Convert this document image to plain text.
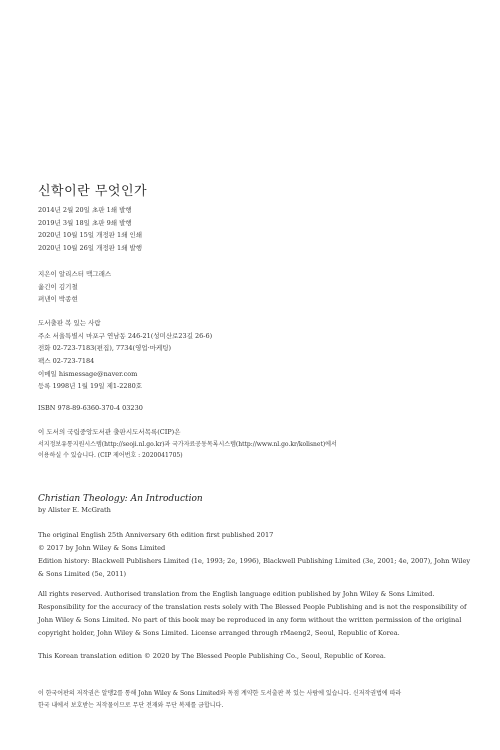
신학이란 무엇인가
2014년 2월 20일 초판 1쇄 발행
2019년 3월 18일 초판 9쇄 발행
2020년 10월 15일 개정판 1쇄 인쇄
2020년 10월 26일 개정판 1쇄 발행
지은이 알리스터 맥그래스
옮긴이 김기철
펴낸이 박종현
도서출판 복 있는 사람
주소 서울특별시 마포구 연남동 246-21(성미산로23길 26-6)
전화 02-723-7183(편집), 7734(영업·마케팅)
팩스 02-723-7184
이메일 hismessage@naver.com
등록 1998년 1월 19일 제1-2280호
ISBN 978-89-6360-370-4 03230
이 도서의 국립중앙도서관 출판시도서목록(CIP)은
서지정보유통지원시스템(http://seoji.nl.go.kr)과 국가자료공동목록시스템(http://www.nl.go.kr/kolisnet)에서
이용하실 수 있습니다. (CIP 제어번호 : 2020041705)
Christian Theology: An Introduction
by Alister E. McGrath
The original English 25th Anniversary 6th edition first published 2017
© 2017 by John Wiley & Sons Limited
Edition history: Blackwell Publishers Limited (1e, 1993; 2e, 1996), Blackwell Publishing Limited (3e, 2001; 4e, 2007), John Wiley & Sons Limited (5e, 2011)
All rights reserved. Authorised translation from the English language edition published by John Wiley & Sons Limited. Responsibility for the accuracy of the translation rests solely with The Blessed People Publishing and is not the responsibility of John Wiley & Sons Limited. No part of this book may be reproduced in any form without the written permission of the original copyright holder, John Wiley & Sons Limited. License arranged through rMaeng2, Seoul, Republic of Korea.
This Korean translation edition © 2020 by The Blessed People Publishing Co., Seoul, Republic of Korea.
이 한국어판의 저작권은 알맹2를 통해 John Wiley & Sons Limited와 독점 계약한 도서출판 복 있는 사람에 있습니다. 신저작권법에 따라
한국 내에서 보호받는 저작물이므로 무단 전재와 무단 복제를 금합니다.
